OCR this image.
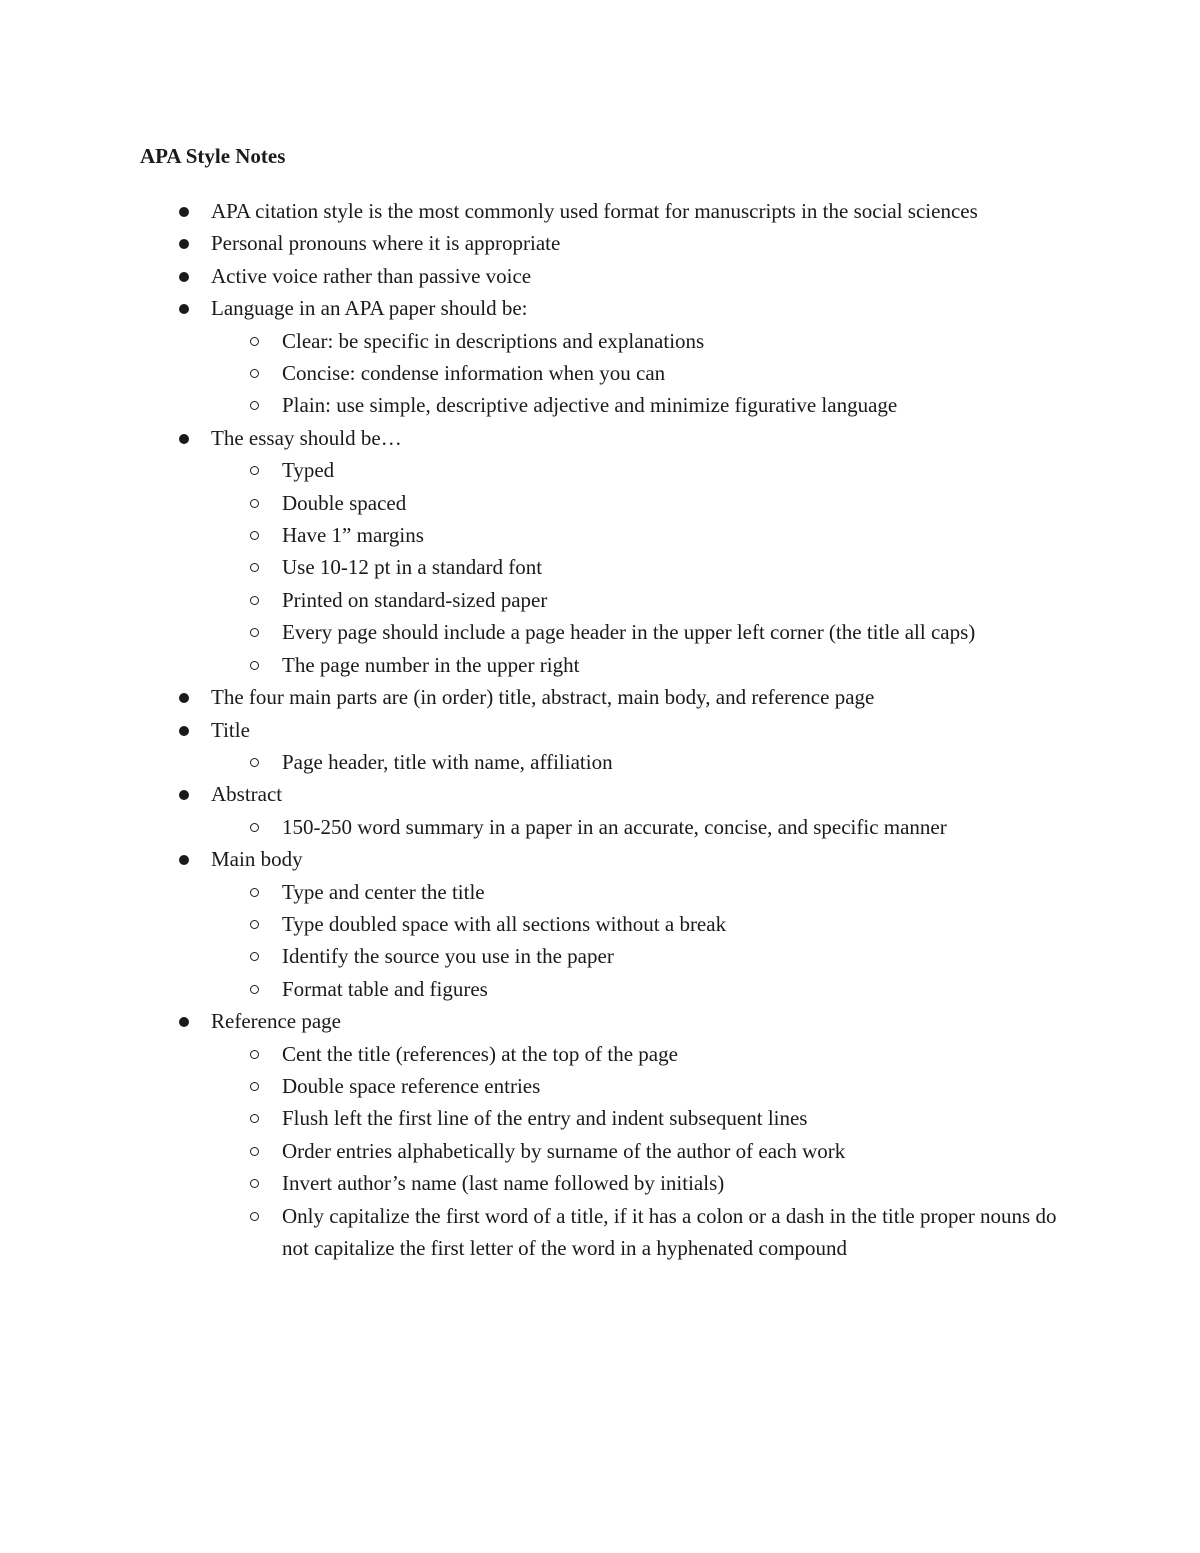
APA Style Notes
APA citation style is the most commonly used format for manuscripts in the social sciences
Personal pronouns where it is appropriate
Active voice rather than passive voice
Language in an APA paper should be:
Clear: be specific in descriptions and explanations
Concise: condense information when you can
Plain: use simple, descriptive adjective and minimize figurative language
The essay should be…
Typed
Double spaced
Have 1” margins
Use 10-12 pt in a standard font
Printed on standard-sized paper
Every page should include a page header in the upper left corner (the title all caps)
The page number in the upper right
The four main parts are (in order) title, abstract, main body, and reference page
Title
Page header, title with name, affiliation
Abstract
150-250 word summary in a paper in an accurate, concise, and specific manner
Main body
Type and center the title
Type doubled space with all sections without a break
Identify the source you use in the paper
Format table and figures
Reference page
Cent the title (references) at the top of the page
Double space reference entries
Flush left the first line of the entry and indent subsequent lines
Order entries alphabetically by surname of the author of each work
Invert author’s name (last name followed by initials)
Only capitalize the first word of a title, if it has a colon or a dash in the title proper nouns do not capitalize the first letter of the word in a hyphenated compound
